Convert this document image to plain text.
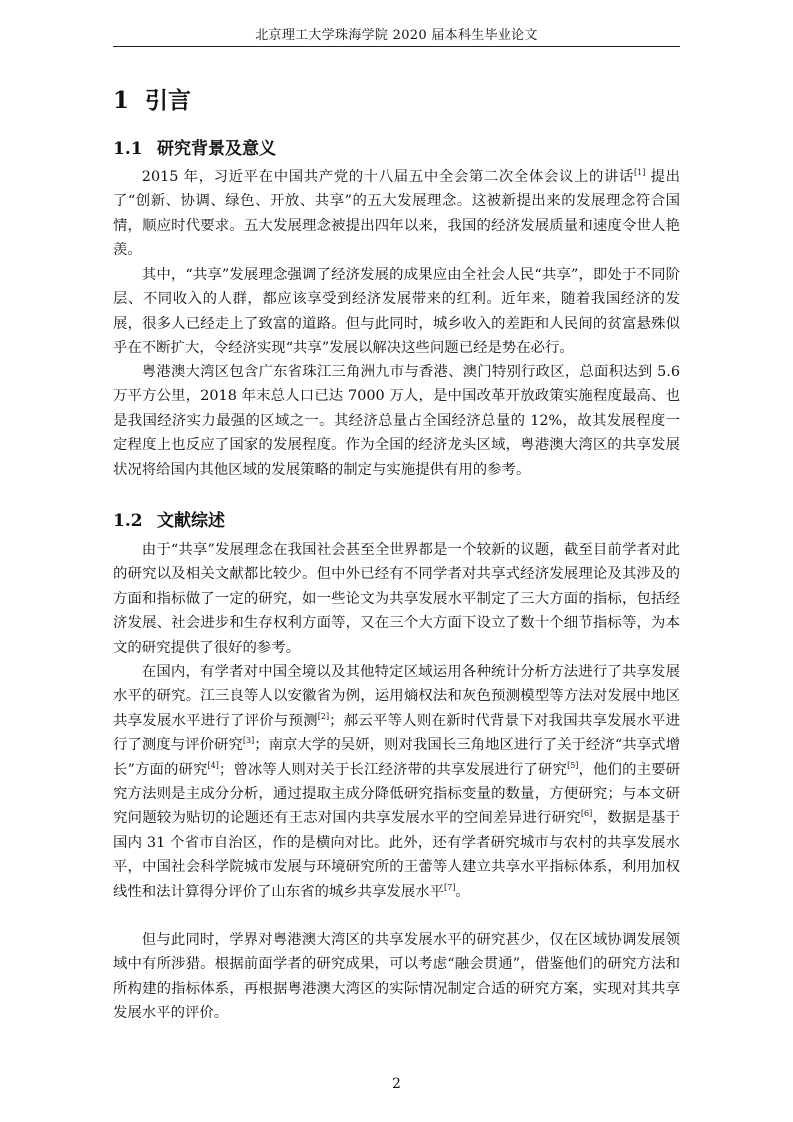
北京理工大学珠海学院 2020 届本科生毕业论文
1 引言
1.1 研究背景及意义

2015 年，习近平在中国共产党的十八届五中全会第二次全体会议上的讲话[1] 提出了“创新、协调、绿色、开放、共享”的五大发展理念。这被新提出来的发展理念符合国情，顺应时代要求。五大发展理念被提出四年以来，我国的经济发展质量和速度令世人艳羡。

其中，“共享”发展理念强调了经济发展的成果应由全社会人民“共享”，即处于不同阶层、不同收入的人群，都应该享受到经济发展带来的红利。近年来，随着我国经济的发展，很多人已经走上了致富的道路。但与此同时，城乡收入的差距和人民间的贫富悬殊似乎在不断扩大，令经济实现“共享”发展以解决这些问题已经是势在必行。

粤港澳大湾区包含广东省珠江三角洲九市与香港、澳门特别行政区，总面积达到 5.6 万平方公里，2018 年末总人口已达 7000 万人，是中国改革开放政策实施程度最高、也是我国经济实力最强的区域之一。其经济总量占全国经济总量的 12%，故其发展程度一定程度上也反应了国家的发展程度。作为全国的经济龙头区域，粤港澳大湾区的共享发展状况将给国内其他区域的发展策略的制定与实施提供有用的参考。

1.2 文献综述

由于“共享”发展理念在我国社会甚至全世界都是一个较新的议题，截至目前学者对此的研究以及相关文献都比较少。但中外已经有不同学者对共享式经济发展理论及其涉及的方面和指标做了一定的研究，如一些论文为共享发展水平制定了三大方面的指标，包括经济发展、社会进步和生存权利方面等，又在三个大方面下设立了数十个细节指标等，为本文的研究提供了很好的参考。

在国内，有学者对中国全境以及其他特定区域运用各种统计分析方法进行了共享发展水平的研究。江三良等人以安徽省为例，运用熵权法和灰色预测模型等方法对发展中地区共享发展水平进行了评价与预测[2]；郝云平等人则在新时代背景下对我国共享发展水平进行了测度与评价研究[3]；南京大学的吴妍，则对我国长三角地区进行了关于经济“共享式增长”方面的研究[4]；曾冰等人则对关于长江经济带的共享发展进行了研究[5]，他们的主要研究方法则是主成分分析，通过提取主成分降低研究指标变量的数量，方便研究；与本文研究问题较为贴切的论题还有王志对国内共享发展水平的空间差异进行研究[6]，数据是基于国内 31 个省市自治区，作的是横向对比。此外，还有学者研究城市与农村的共享发展水平，中国社会科学院城市发展与环境研究所的王蕾等人建立共享水平指标体系，利用加权线性和法计算得分评价了山东省的城乡共享发展水平[7]。

但与此同时，学界对粤港澳大湾区的共享发展水平的研究甚少，仅在区域协调发展领域中有所涉猎。根据前面学者的研究成果，可以考虑“融会贯通”，借鉴他们的研究方法和所构建的指标体系，再根据粤港澳大湾区的实际情况制定合适的研究方案，实现对其共享发展水平的评价。

2
